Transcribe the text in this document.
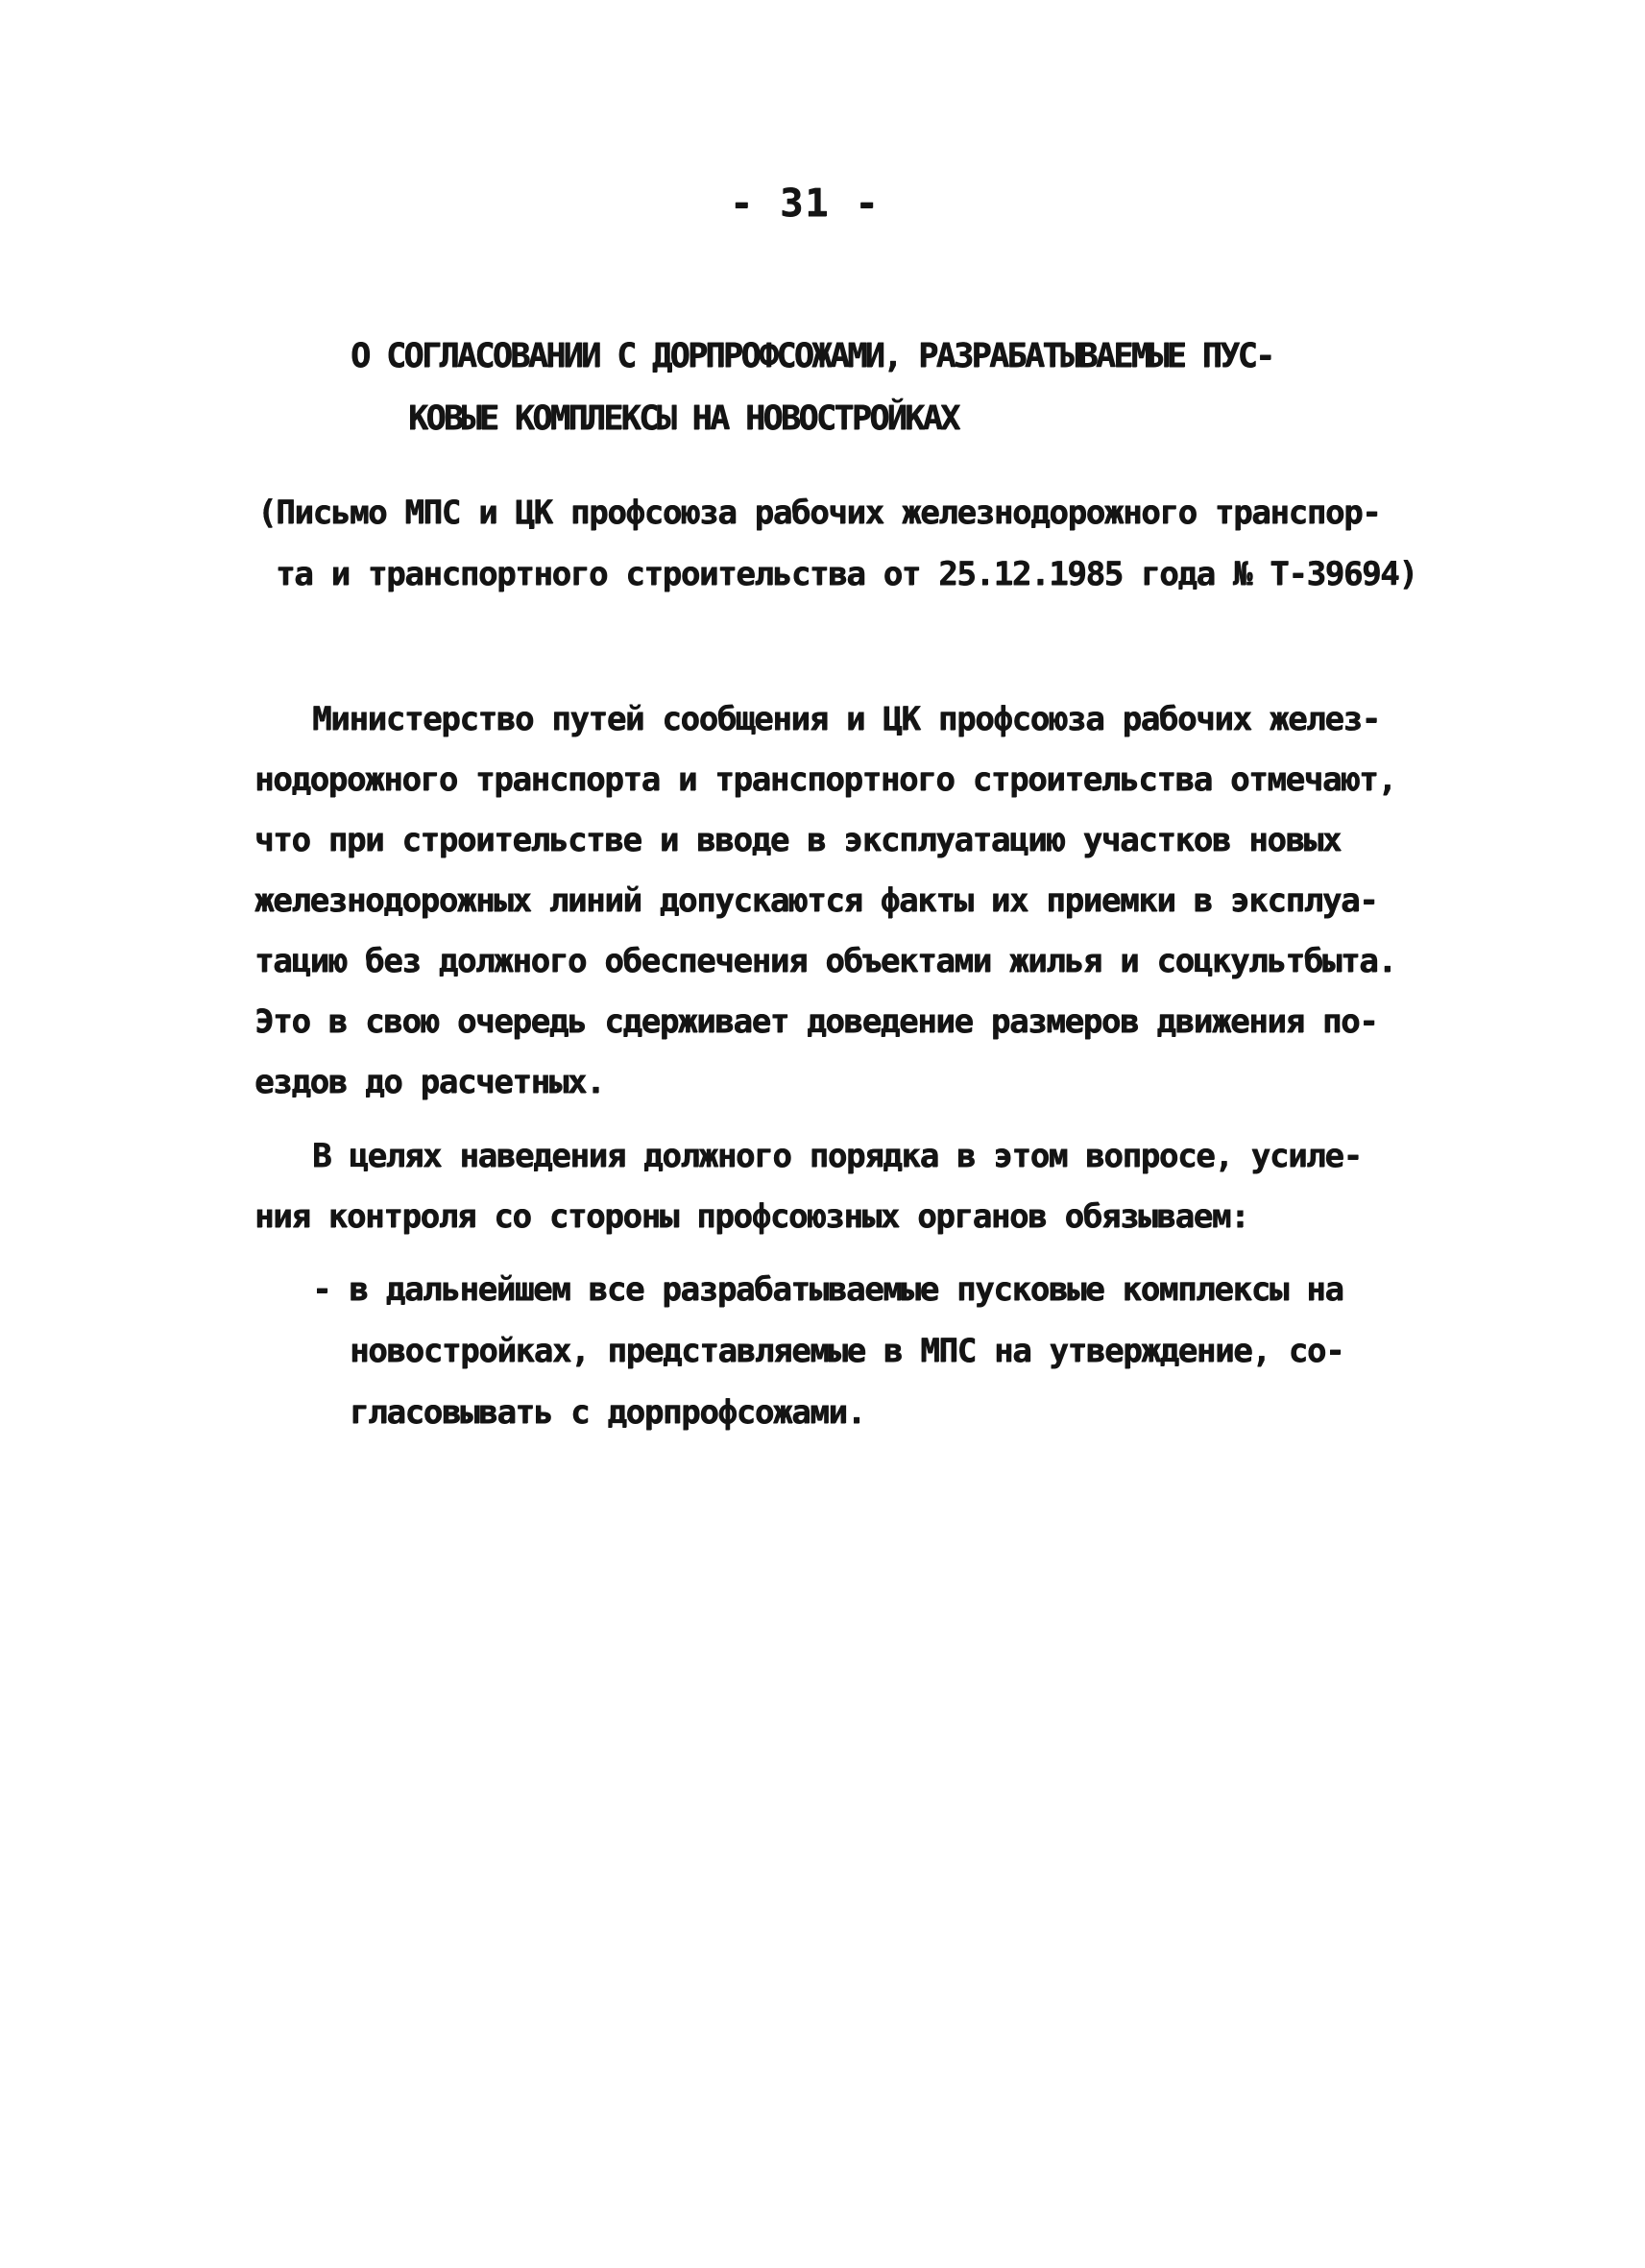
- 31 -
О СОГЛАСОВАНИИ С ДОРПРОФСОЖАМИ, РАЗРАБАТЫВАЕМЫЕ ПУС-
КОВЫЕ КОМПЛЕКСЫ НА НОВОСТРОЙКАХ
(Письмо МПС и ЦК профсоюза рабочих железнодорожного транспор-
та и транспортного строительства от 25.12.1985 года № Т-39694)
Министерство путей сообщения и ЦК профсоюза рабочих желез-
нодорожного транспорта и транспортного строительства отмечают,
что при строительстве и вводе в эксплуатацию участков новых
железнодорожных линий допускаются факты их приемки в эксплуа-
тацию без должного обеспечения объектами жилья и соцкультбыта.
Это в свою очередь сдерживает доведение размеров движения по-
ездов до расчетных.
В целях наведения должного порядка в этом вопросе, усиле-
ния контроля со стороны профсоюзных органов обязываем:
- в дальнейшем все разрабатываемые пусковые комплексы на
новостройках, представляемые в МПС на утверждение, со-
гласовывать с дорпрофсожами.
